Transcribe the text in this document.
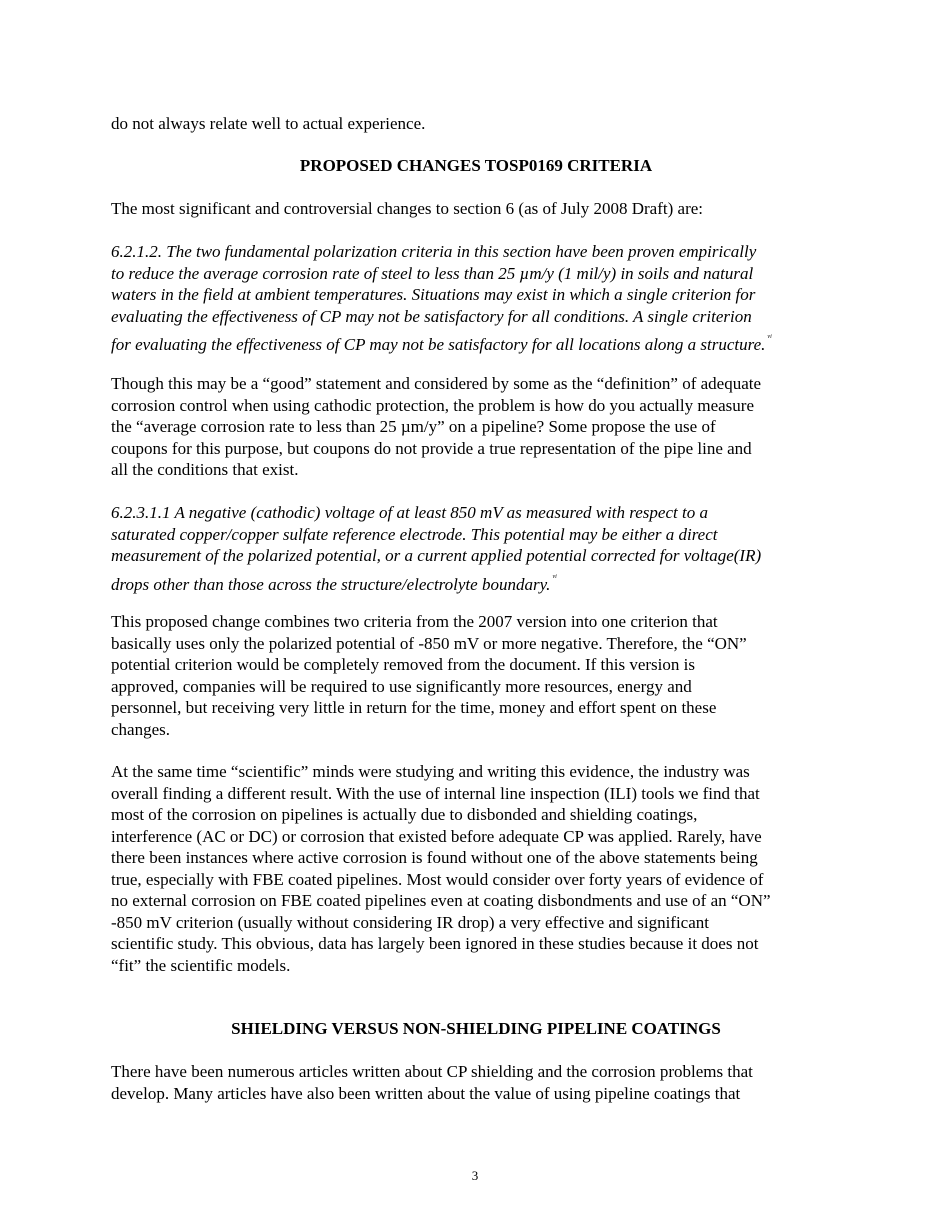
do not always relate well to actual experience.

PROPOSED CHANGES TOSP0169 CRITERIA

The most significant and controversial changes to section 6 (as of July 2008 Draft) are:

6.2.1.2. The two fundamental polarization criteria in this section have been proven empirically

to reduce the average corrosion rate of steel to less than 25 µm/y (1 mil/y) in soils and natural

waters in the field at ambient temperatures. Situations may exist in which a single criterion for

evaluating the effectiveness of CP may not be satisfactory for all conditions. A single criterion

for evaluating the effectiveness of CP may not be satisfactory for all locations along a structure. $^{vi}$

Though this may be a “good” statement and considered by some as the “definition” of adequate

corrosion control when using cathodic protection, the problem is how do you actually measure

the “average corrosion rate to less than 25 µm/y” on a pipeline? Some propose the use of

coupons for this purpose, but coupons do not provide a true representation of the pipe line and

all the conditions that exist.

6.2.3.1.1 A negative (cathodic) voltage of at least 850 mV as measured with respect to a

saturated copper/copper sulfate reference electrode. This potential may be either a direct

measurement of the polarized potential, or a current applied potential corrected for voltage(IR)

drops other than those across the structure/electrolyte boundary. $^{vi}$

This proposed change combines two criteria from the 2007 version into one criterion that

basically uses only the polarized potential of -850 mV or more negative. Therefore, the “ON”

potential criterion would be completely removed from the document. If this version is

approved, companies will be required to use significantly more resources, energy and

personnel, but receiving very little in return for the time, money and effort spent on these

changes.

At the same time “scientific” minds were studying and writing this evidence, the industry was

overall finding a different result. With the use of internal line inspection (ILI) tools we find that

most of the corrosion on pipelines is actually due to disbonded and shielding coatings,

interference (AC or DC) or corrosion that existed before adequate CP was applied. Rarely, have

there been instances where active corrosion is found without one of the above statements being

true, especially with FBE coated pipelines. Most would consider over forty years of evidence of

no external corrosion on FBE coated pipelines even at coating disbondments and use of an “ON”

-850 mV criterion (usually without considering IR drop) a very effective and significant

scientific study. This obvious, data has largely been ignored in these studies because it does not

“fit” the scientific models.

SHIELDING VERSUS NON-SHIELDING PIPELINE COATINGS

There have been numerous articles written about CP shielding and the corrosion problems that

develop. Many articles have also been written about the value of using pipeline coatings that

3
